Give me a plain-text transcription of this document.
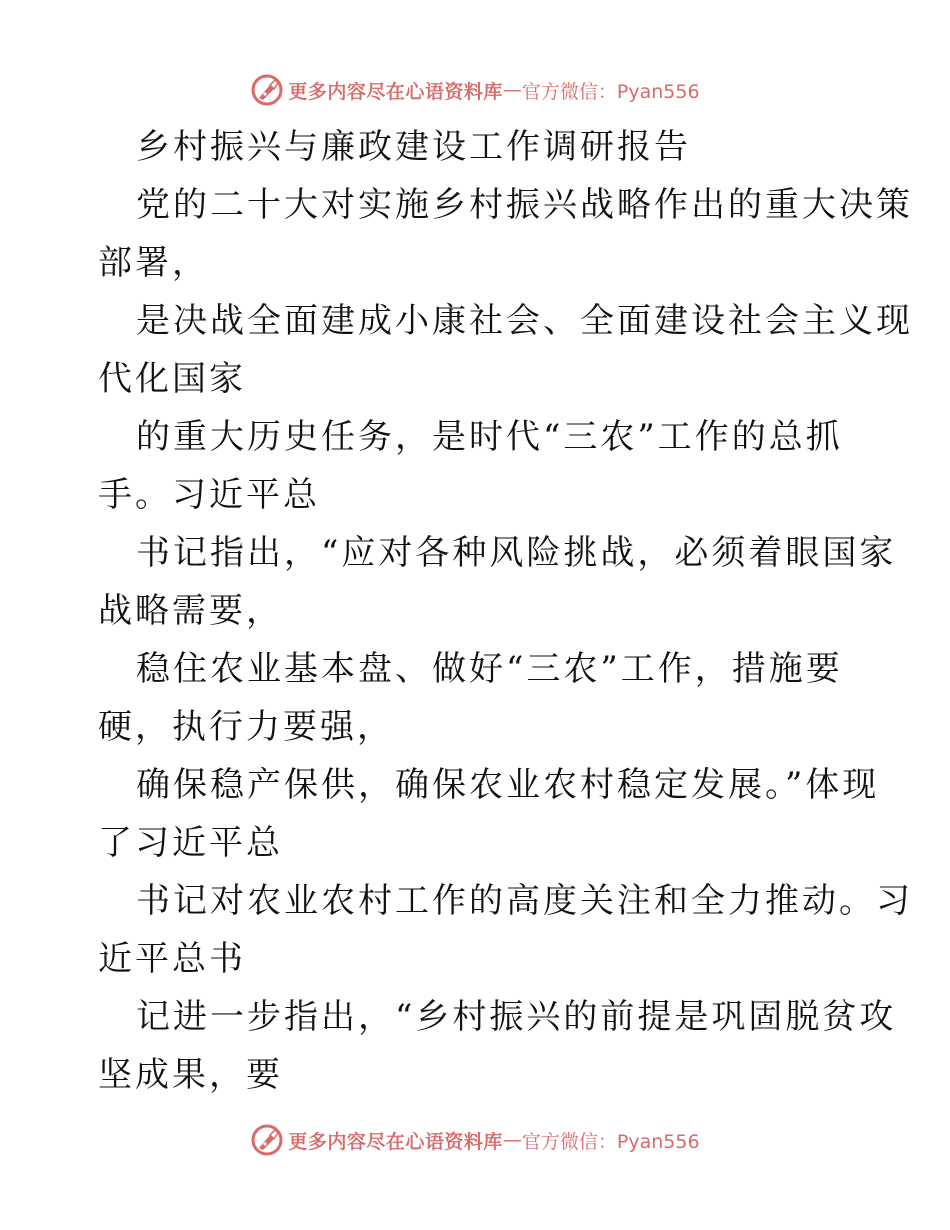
更多内容尽在心语资料库 — 官方微信：Pyan556
乡村振兴与廉政建设工作调研报告
党的二十大对实施乡村振兴战略作出的重大决策
部署，
是决战全面建成小康社会、全面建设社会主义现
代化国家
的重大历史任务，是时代“三农”工作的总抓
手。习近平总
书记指出，“应对各种风险挑战，必须着眼国家
战略需要，
稳住农业基本盘、做好“三农”工作，措施要
硬，执行力要强，
确保稳产保供，确保农业农村稳定发展。”体现
了习近平总
书记对农业农村工作的高度关注和全力推动。习
近平总书
记进一步指出，“乡村振兴的前提是巩固脱贫攻
坚成果，要
更多内容尽在心语资料库 — 官方微信：Pyan556
